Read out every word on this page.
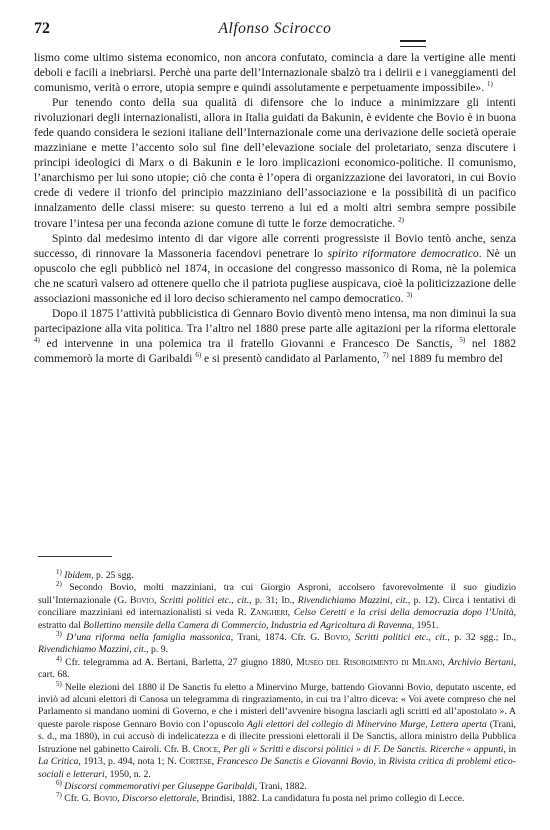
72	Alfonso Scirocco

lismo come ultimo sistema economico, non ancora confutato, comincia a dare la vertigine alle menti deboli e facili a inebriarsi. Perchè una parte dell’Internazionale sbalzò tra i delirii e i vaneggiamenti del comunismo, verità o errore, utopia sempre e quindi assolutamente e perpetuamente impossibile». $^{1)}$

Pur tenendo conto della sua qualità di difensore che lo induce a minimizzare gli intenti rivoluzionari degli internazionalisti, allora in Italia guidati da Bakunin, è evidente che Bovio è in buona fede quando considera le sezioni italiane dell’Internazionale come una derivazione delle società operaie mazziniane e mette l’accento solo sul fine dell’elevazione sociale del proletariato, senza discutere i principi ideologici di Marx o di Bakunin e le loro implicazioni economico-politiche. Il comunismo, l’anarchismo per lui sono utopie; ciò che conta è l’opera di organizzazione dei lavoratori, in cui Bovio crede di vedere il trionfo del principio mazziniano dell’associazione e la possibilità di un pacifico innalzamento delle classi misere: su questo terreno a lui ed a molti altri sembra sempre possibile trovare l’intesa per una feconda azione comune di tutte le forze democratiche. $^{2)}$

Spinto dal medesimo intento di dar vigore alle correnti progressiste il Bovio tentò anche, senza successo, di rinnovare la Massoneria facendovi penetrare lo spirito riformatore democratico. Nè un opuscolo che egli pubblicò nel 1874, in occasione del congresso massonico di Roma, nè la polemica che ne scaturì valsero ad ottenere quello che il patriota pugliese auspicava, cioè la politicizzazione delle associazioni massoniche ed il loro deciso schieramento nel campo democratico. $^{3)}$

Dopo il 1875 l’attività pubblicistica di Gennaro Bovio diventò meno intensa, ma non diminuì la sua partecipazione alla vita politica. Tra l’altro nel 1880 prese parte alle agitazioni per la riforma elettorale $^{4)}$ ed intervenne in una polemica tra il fratello Giovanni e Francesco De Sanctis, $^{5)}$ nel 1882 commemorò la morte di Garibaldi $^{6)}$ e si presentò candidato al Parlamento, $^{7)}$ nel 1889 fu membro del

$^{1)}$ Ibidem, p. 25 sgg.

$^{2)}$ Secondo Bovio, molti mazziniani, tra cui Giorgio Asproni, accolsero favorevolmente il suo giudizio sull’Internazionale (G. Bovio, Scritti politici etc., cit., p. 31; Id., Rivendichiamo Mazzini, cit., p. 12). Circa i tentativi di conciliare mazziniani ed internazionalisti si veda R. Zangheri, Celso Ceretti e la crisi della democrazia dopo l’Unità, estratto dal Bollettino mensile della Camera di Commercio, Industria ed Agricoltura di Ravenna, 1951.

$^{3)}$ D’una riforma nella famiglia massonica, Trani, 1874. Cfr. G. Bovio, Scritti politici etc., cit., p. 32 sgg.; Id., Rivendichiamo Mazzini, cit., p. 9.

$^{4)}$ Cfr. telegramma ad A. Bertani, Barletta, 27 giugno 1880, Museo del Risorgimento di Milano, Archivio Bertani, cart. 68.

$^{5)}$ Nelle elezioni del 1880 il De Sanctis fu eletto a Minervino Murge, battendo Giovanni Bovio, deputato uscente, ed inviò ad alcuni elettori di Canosa un telegramma di ringraziamento, in cui tra l’altro diceva: « Voi avete compreso che nel Parlamento si mandano uomini di Governo, e che i misteri dell’avvenire bisogna lasciarli agli scritti ed all’apostolato ». A queste parole rispose Gennaro Bovio con l’opuscolo Agli elettori del collegio di Minervino Murge, Lettera aperta (Trani, s. d., ma 1880), in cui accusò di indelicatezza e di illecite pressioni elettorali il De Sanctis, allora ministro della Pubblica Istruzione nel gabinetto Cairoli. Cfr. B. Croce, Per gli « Scritti e discorsi politici » di F. De Sanctis. Ricerche « appunti, in La Critica, 1913, p. 494, nota 1; N. Cortese, Francesco De Sanctis e Giovanni Bovio, in Rivista critica di problemi etico-sociali e letterari, 1950, n. 2.

$^{6)}$ Discorsi commemorativi per Giuseppe Garibaldi, Trani, 1882.

$^{7)}$ Cfr. G. Bovio, Discorso elettorale, Brindisi, 1882. La candidatura fu posta nel primo collegio di Lecce.
